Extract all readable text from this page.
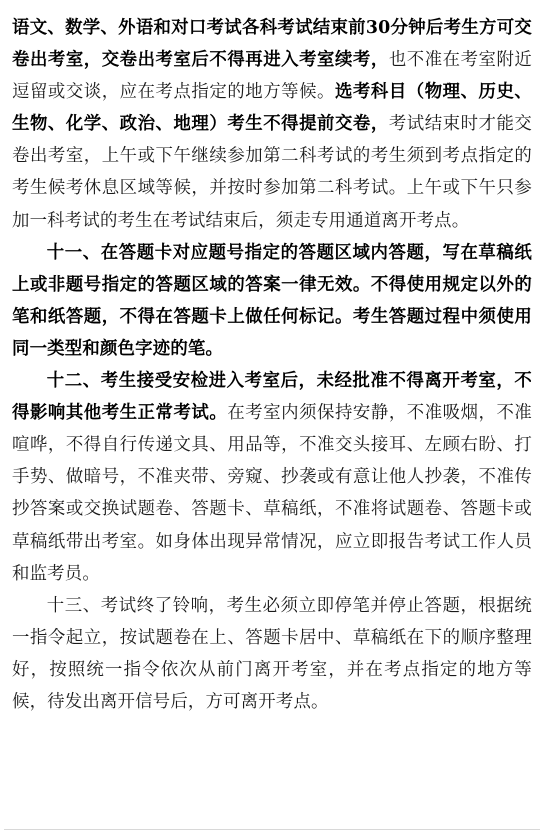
语文、数学、外语和对口考试各科考试结束前30分钟后考生方可交卷出考室，交卷出考室后不得再进入考室续考，也不准在考室附近逗留或交谈，应在考点指定的地方等候。选考科目（物理、历史、生物、化学、政治、地理）考生不得提前交卷，考试结束时才能交卷出考室，上午或下午继续参加第二科考试的考生须到考点指定的考生候考休息区域等候，并按时参加第二科考试。上午或下午只参加一科考试的考生在考试结束后，须走专用通道离开考点。

十一、在答题卡对应题号指定的答题区域内答题，写在草稿纸上或非题号指定的答题区域的答案一律无效。不得使用规定以外的笔和纸答题，不得在答题卡上做任何标记。考生答题过程中须使用同一类型和颜色字迹的笔。

十二、考生接受安检进入考室后，未经批准不得离开考室，不得影响其他考生正常考试。在考室内须保持安静，不准吸烟，不准喧哗，不得自行传递文具、用品等，不准交头接耳、左顾右盼、打手势、做暗号，不准夹带、旁窥、抄袭或有意让他人抄袭，不准传抄答案或交换试题卷、答题卡、草稿纸，不准将试题卷、答题卡或草稿纸带出考室。如身体出现异常情况，应立即报告考试工作人员和监考员。

十三、考试终了铃响，考生必须立即停笔并停止答题，根据统一指令起立，按试题卷在上、答题卡居中、草稿纸在下的顺序整理好，按照统一指令依次从前门离开考室，并在考点指定的地方等候，待发出离开信号后，方可离开考点。
